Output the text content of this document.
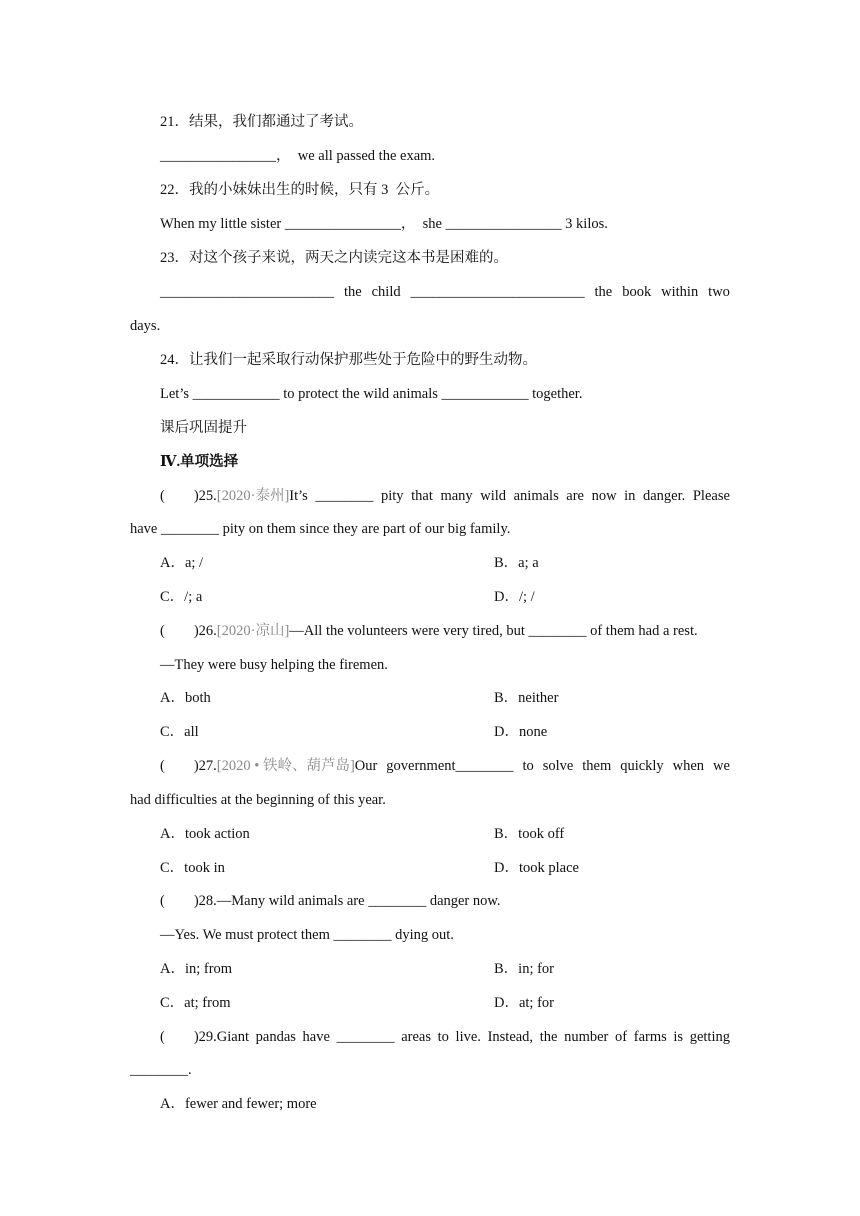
21．结果，我们都通过了考试。
________________，  we all passed the exam.
22．我的小妹妹出生的时候，只有 3  公斤。
When my little sister ________________，  she ________________ 3 kilos.
23．对这个孩子来说，两天之内读完这本书是困难的。
________________________ the child ________________________ the book within two
days.
24．让我们一起采取行动保护那些处于危险中的野生动物。
Let’s ____________ to protect the wild animals ____________ together.
课后巩固提升
Ⅳ.单项选择
(        )25.[2020·泰州]It’s ________ pity that many wild animals are now in danger. Please
have ________ pity on them since they are part of our big family.
A．a; /	B．a; a
C．/; a	D．/; /
(        )26.[2020·凉山]—All the volunteers were very tired, but ________ of them had a rest.
—They were busy helping the firemen.
A．both	B．neither
C．all	D．none
(        )27.[2020 • 铁岭、葫芦岛]Our government________ to solve them quickly when we
had difficulties at the beginning of this year.
A．took action	B．took off
C．took in	D．took place
(        )28.—Many wild animals are ________ danger now.
—Yes. We must protect them ________ dying out.
A．in; from	B．in; for
C．at; from	D．at; for
(        )29.Giant pandas have ________ areas to live. Instead, the number of farms is getting
________.
A．fewer and fewer; more
